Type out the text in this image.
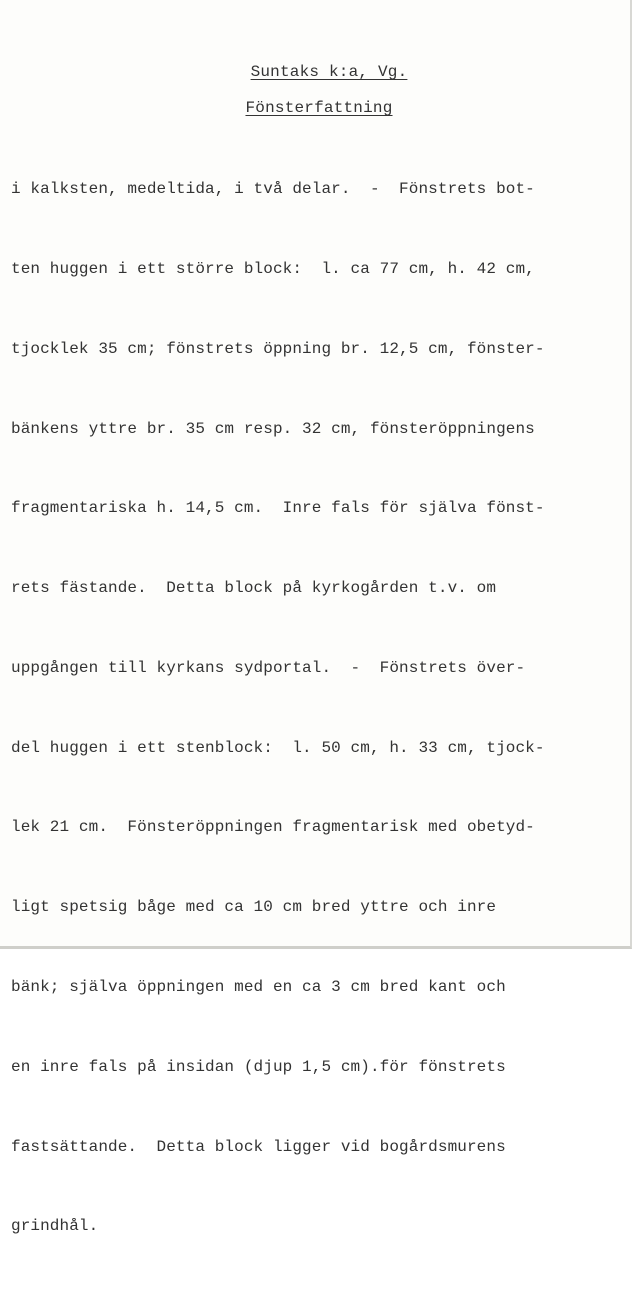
Suntaks k:a, Vg.
Fönsterfattning

i kalksten, medeltida, i två delar.  -  Fönstrets bot-

ten huggen i ett större block:  l. ca 77 cm, h. 42 cm,

tjocklek 35 cm; fönstrets öppning br. 12,5 cm, fönster-

bänkens yttre br. 35 cm resp. 32 cm, fönsteröppningens

fragmentariska h. 14,5 cm.  Inre fals för själva fönst-

rets fästande.  Detta block på kyrkogården t.v. om

uppgången till kyrkans sydportal.  -  Fönstrets över-

del huggen i ett stenblock:  l. 50 cm, h. 33 cm, tjock-

lek 21 cm.  Fönsteröppningen fragmentarisk med obetyd-

ligt spetsig båge med ca 10 cm bred yttre och inre

bänk; själva öppningen med en ca 3 cm bred kant och

en inre fals på insidan (djup 1,5 cm).för fönstrets

fastsättande.  Detta block ligger vid bogårdsmurens

grindhål.
